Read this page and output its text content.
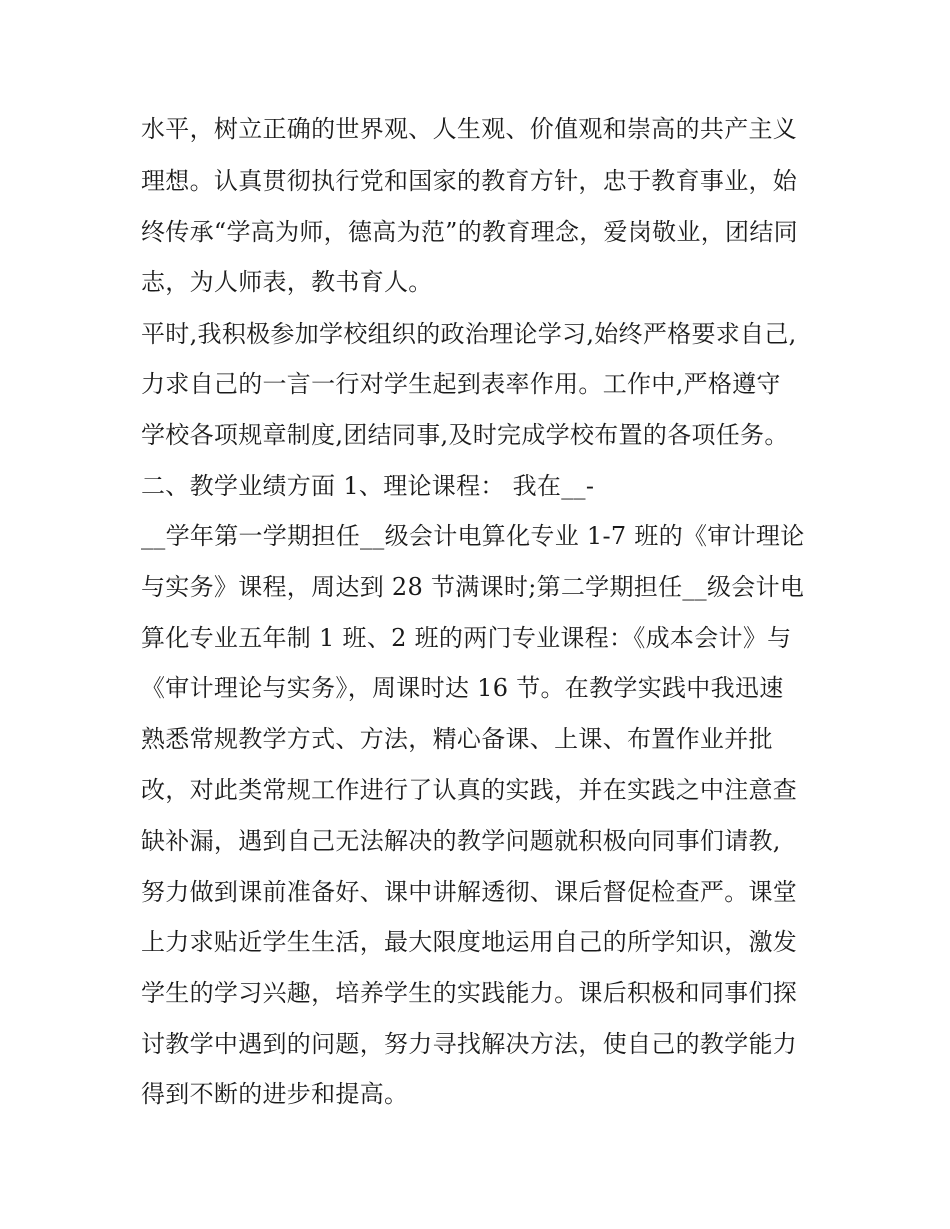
水平，树立正确的世界观、人生观、价值观和崇高的共产主义
理想。认真贯彻执行党和国家的教育方针，忠于教育事业，始
终传承“学高为师，德高为范”的教育理念，爱岗敬业，团结同
志，为人师表，教书育人。
平时,我积极参加学校组织的政治理论学习,始终严格要求自己,
力求自己的一言一行对学生起到表率作用。工作中,严格遵守
学校各项规章制度,团结同事,及时完成学校布置的各项任务。
二、教学业绩方面 1、理论课程： 我在__-
__学年第一学期担任__级会计电算化专业 1-7 班的《审计理论
与实务》课程，周达到 28 节满课时;第二学期担任__级会计电
算化专业五年制 1 班、2 班的两门专业课程：《成本会计》与
《审计理论与实务》，周课时达 16 节。在教学实践中我迅速
熟悉常规教学方式、方法，精心备课、上课、布置作业并批
改，对此类常规工作进行了认真的实践，并在实践之中注意查
缺补漏，遇到自己无法解决的教学问题就积极向同事们请教,
努力做到课前准备好、课中讲解透彻、课后督促检查严。课堂
上力求贴近学生生活，最大限度地运用自己的所学知识，激发
学生的学习兴趣，培养学生的实践能力。课后积极和同事们探
讨教学中遇到的问题，努力寻找解决方法，使自己的教学能力
得到不断的进步和提高。
